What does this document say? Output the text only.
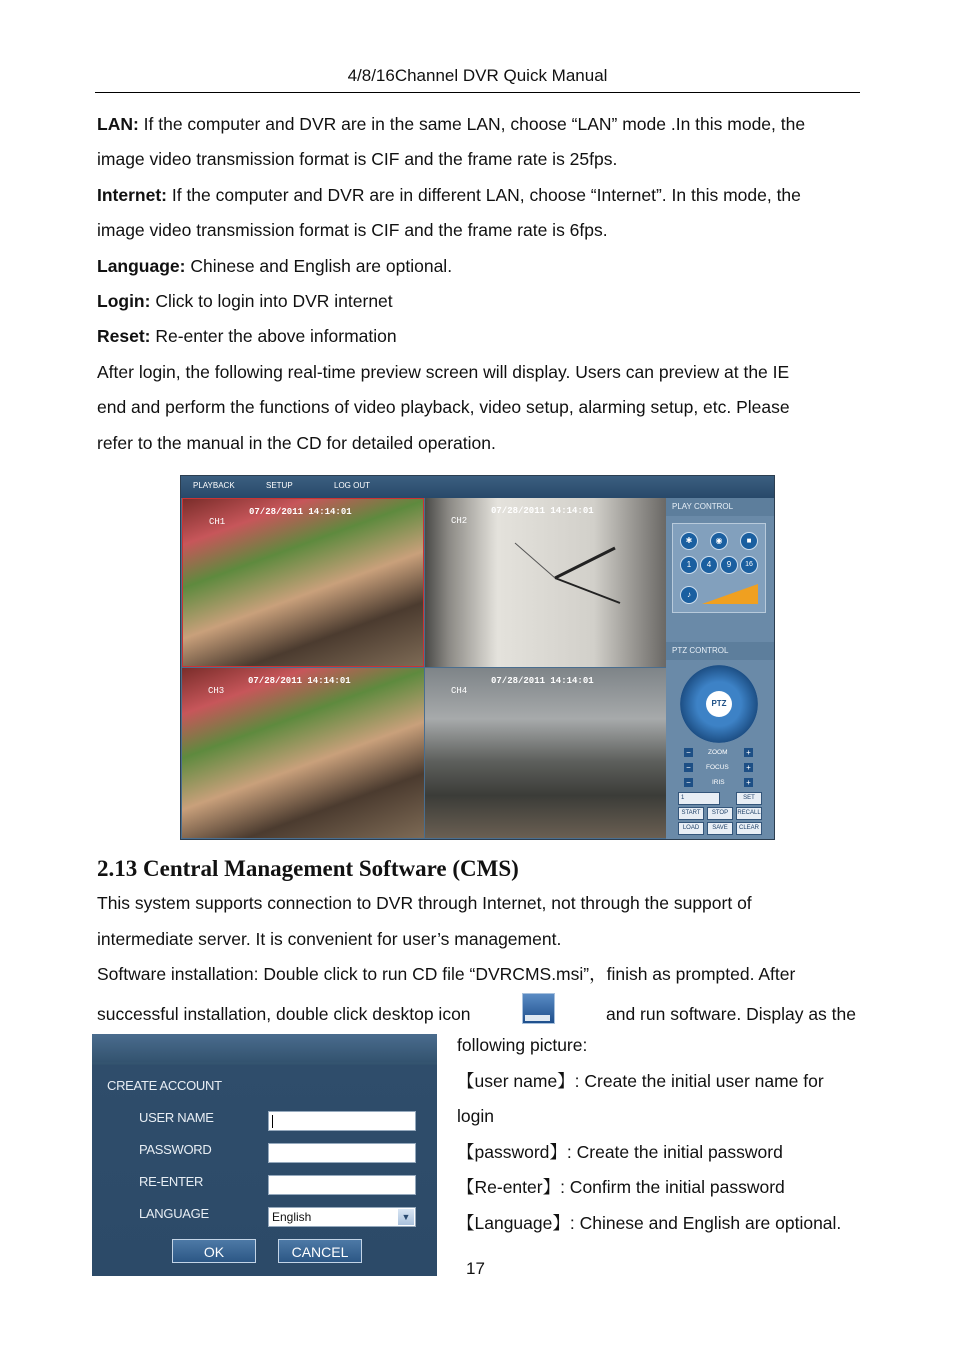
4/8/16Channel DVR Quick Manual
LAN: If the computer and DVR are in the same LAN, choose “LAN” mode .In this mode, the
image video transmission format is CIF and the frame rate is 25fps.
Internet: If the computer and DVR are in different LAN, choose “Internet”. In this mode, the
image video transmission format is CIF and the frame rate is 6fps.
Language: Chinese and English are optional.
Login: Click to login into DVR internet
Reset: Re-enter the above information
After login, the following real-time preview screen will display. Users can preview at the IE
end and perform the functions of video playback, video setup, alarming setup, etc. Please
refer to the manual in the CD for detailed operation.
PLAYBACK	SETUP	LOG OUT
07/28/2011 14:14:01
CH1
07/28/2011 14:14:01
CH2
07/28/2011 14:14:01
CH3
07/28/2011 14:14:01
CH4
PLAY CONTROL
✱	◉	■
1	4	9	16
♪
PTZ CONTROL
PTZ
−	ZOOM +
−	FOCUS +
−	IRIS	+
1	SET
START	STOP	RECALL
LOAD	SAVE	CLEAR
2.13 Central Management Software (CMS)
This system supports connection to DVR through Internet, not through the support of
intermediate server. It is convenient for user’s management.
Software installation: Double click to run CD file “DVRCMS.msi”，finish as prompted. After
successful installation, double click desktop icon	and run software. Display as the
CREATE ACCOUNT
USER NAME
PASSWORD
RE-ENTER
LANGUAGE	English	▼
OK	CANCEL
following picture:
【user name】: Create the initial user name for
login
【password】: Create the initial password
【Re-enter】: Confirm the initial password
【Language】: Chinese and English are optional.
17
